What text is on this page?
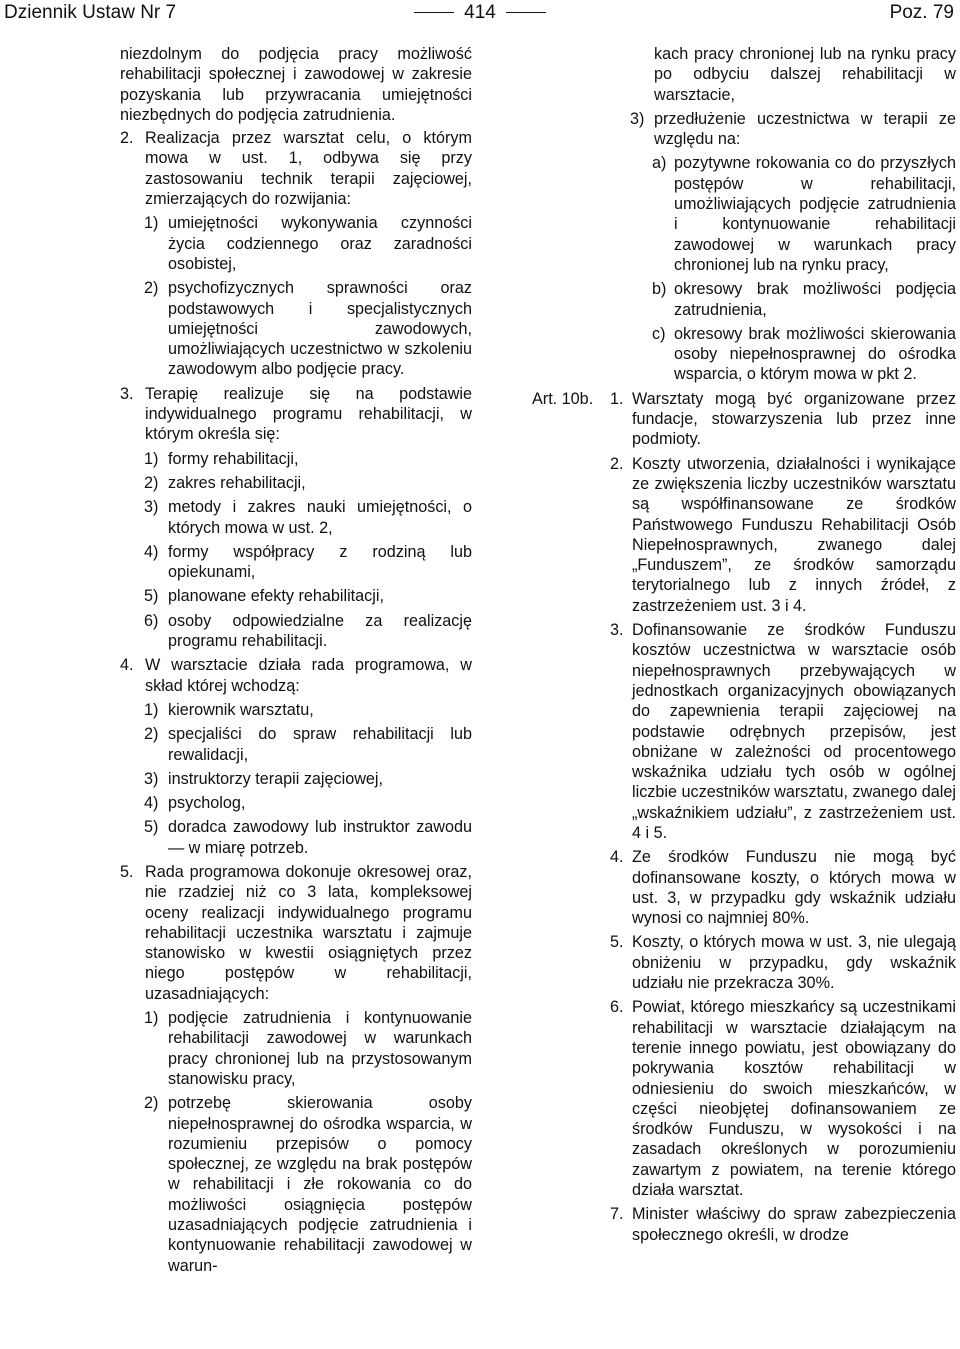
Dziennik Ustaw Nr 7	414	Poz. 79
niezdolnym do podjęcia pracy możliwość rehabilitacji społecznej i zawodowej w zakresie pozyskania lub przywracania umiejętności niezbędnych do podjęcia zatrudnienia.
2. Realizacja przez warsztat celu, o którym mowa w ust. 1, odbywa się przy zastosowaniu technik terapii zajęciowej, zmierzających do rozwijania:
1) umiejętności wykonywania czynności życia codziennego oraz zaradności osobistej,
2) psychofizycznych sprawności oraz podstawowych i specjalistycznych umiejętności zawodowych, umożliwiających uczestnictwo w szkoleniu zawodowym albo podjęcie pracy.
3. Terapię realizuje się na podstawie indywidualnego programu rehabilitacji, w którym określa się:
1) formy rehabilitacji,
2) zakres rehabilitacji,
3) metody i zakres nauki umiejętności, o których mowa w ust. 2,
4) formy współpracy z rodziną lub opiekunami,
5) planowane efekty rehabilitacji,
6) osoby odpowiedzialne za realizację programu rehabilitacji.
4. W warsztacie działa rada programowa, w skład której wchodzą:
1) kierownik warsztatu,
2) specjaliści do spraw rehabilitacji lub rewalidacji,
3) instruktorzy terapii zajęciowej,
4) psycholog,
5) doradca zawodowy lub instruktor zawodu — w miarę potrzeb.
5. Rada programowa dokonuje okresowej oraz, nie rzadziej niż co 3 lata, kompleksowej oceny realizacji indywidualnego programu rehabilitacji uczestnika warsztatu i zajmuje stanowisko w kwestii osiągniętych przez niego postępów w rehabilitacji, uzasadniających:
1) podjęcie zatrudnienia i kontynuowanie rehabilitacji zawodowej w warunkach pracy chronionej lub na przystosowanym stanowisku pracy,
2) potrzebę skierowania osoby niepełnosprawnej do ośrodka wsparcia, w rozumieniu przepisów o pomocy społecznej, ze względu na brak postępów w rehabilitacji i złe rokowania co do możliwości osiągnięcia postępów uzasadniających podjęcie zatrudnienia i kontynuowanie rehabilitacji zawodowej w warun-
kach pracy chronionej lub na rynku pracy po odbyciu dalszej rehabilitacji w warsztacie,
3) przedłużenie uczestnictwa w terapii ze względu na:
a) pozytywne rokowania co do przyszłych postępów w rehabilitacji, umożliwiających podjęcie zatrudnienia i kontynuowanie rehabilitacji zawodowej w warunkach pracy chronionej lub na rynku pracy,
b) okresowy brak możliwości podjęcia zatrudnienia,
c) okresowy brak możliwości skierowania osoby niepełnosprawnej do ośrodka wsparcia, o którym mowa w pkt 2.
Art. 10b. 1. Warsztaty mogą być organizowane przez fundacje, stowarzyszenia lub przez inne podmioty.
2. Koszty utworzenia, działalności i wynikające ze zwiększenia liczby uczestników warsztatu są współfinansowane ze środków Państwowego Funduszu Rehabilitacji Osób Niepełnosprawnych, zwanego dalej „Funduszem”, ze środków samorządu terytorialnego lub z innych źródeł, z zastrzeżeniem ust. 3 i 4.
3. Dofinansowanie ze środków Funduszu kosztów uczestnictwa w warsztacie osób niepełnosprawnych przebywających w jednostkach organizacyjnych obowiązanych do zapewnienia terapii zajęciowej na podstawie odrębnych przepisów, jest obniżane w zależności od procentowego wskaźnika udziału tych osób w ogólnej liczbie uczestników warsztatu, zwanego dalej „wskaźnikiem udziału”, z zastrzeżeniem ust. 4 i 5.
4. Ze środków Funduszu nie mogą być dofinansowane koszty, o których mowa w ust. 3, w przypadku gdy wskaźnik udziału wynosi co najmniej 80%.
5. Koszty, o których mowa w ust. 3, nie ulegają obniżeniu w przypadku, gdy wskaźnik udziału nie przekracza 30%.
6. Powiat, którego mieszkańcy są uczestnikami rehabilitacji w warsztacie działającym na terenie innego powiatu, jest obowiązany do pokrywania kosztów rehabilitacji w odniesieniu do swoich mieszkańców, w części nieobjętej dofinansowaniem ze środków Funduszu, w wysokości i na zasadach określonych w porozumieniu zawartym z powiatem, na terenie którego działa warsztat.
7. Minister właściwy do spraw zabezpieczenia społecznego określi, w drodze
